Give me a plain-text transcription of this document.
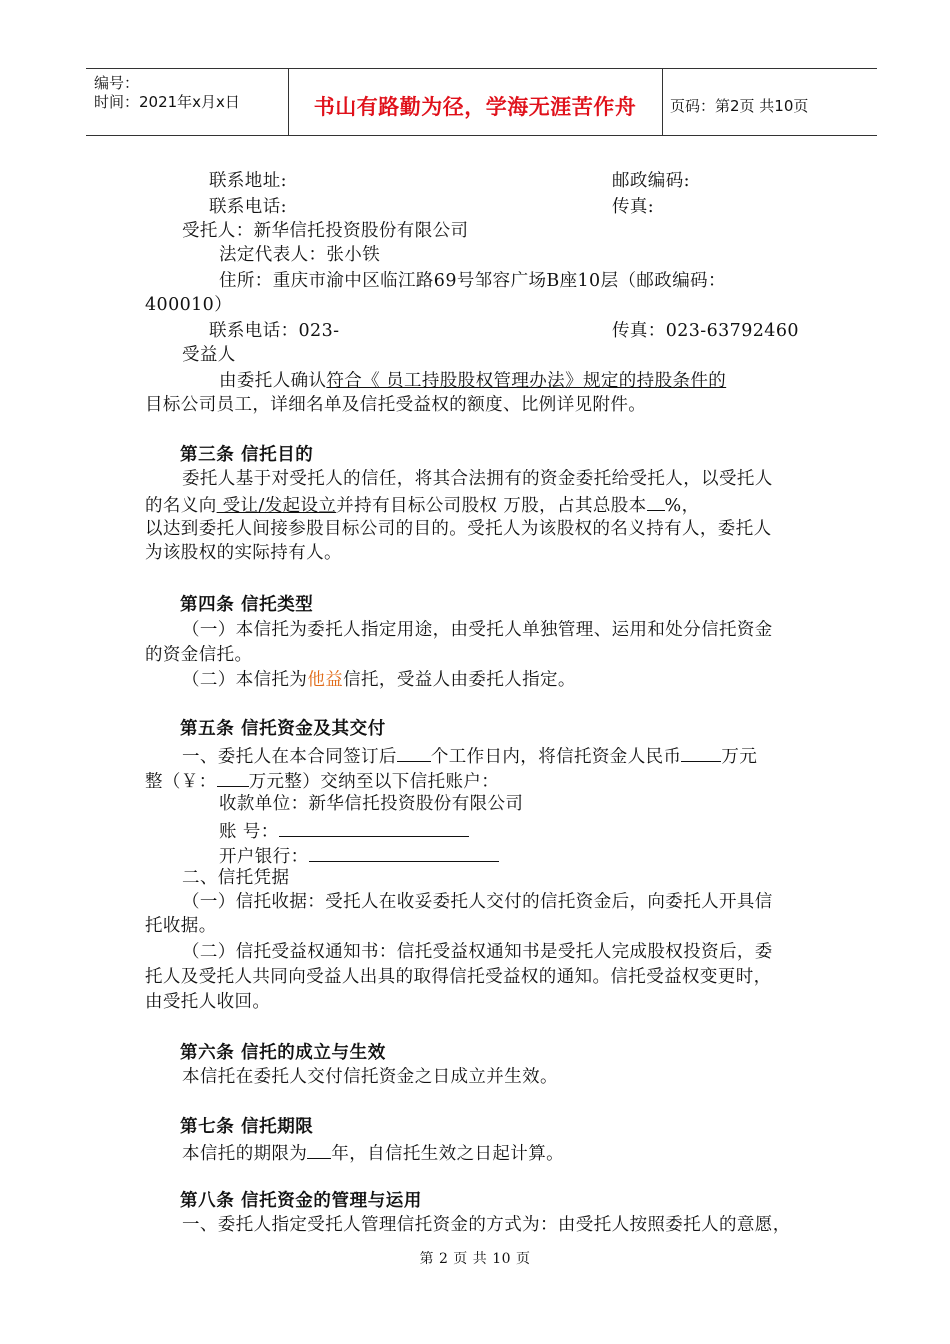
编号：
时间：2021年x月x日	书山有路勤为径，学海无涯苦作舟	页码：第2页 共10页
联系地址:	邮政编码:
联系电话:	传真:
受托人：新华信托投资股份有限公司
法定代表人：张小铁
住所：重庆市渝中区临江路69号邹容广场B座10层（邮政编码：
400010）
联系电话：023-	传真：023-63792460
受益人
由委托人确认符合《 员工持股股权管理办法》规定的持股条件的
目标公司员工，详细名单及信托受益权的额度、比例详见附件。
第三条 信托目的
委托人基于对受托人的信任，将其合法拥有的资金委托给受托人，以受托人
的名义向 受让/发起设立并持有目标公司股权 万股，占其总股本 %，
以达到委托人间接参股目标公司的目的。受托人为该股权的名义持有人，委托人
为该股权的实际持有人。
第四条 信托类型
（一）本信托为委托人指定用途，由受托人单独管理、运用和处分信托资金
的资金信托。
（二）本信托为他益信托，受益人由委托人指定。
第五条 信托资金及其交付
一、委托人在本合同签订后 个工作日内，将信托资金人民币 万元
整（￥： 万元整）交纳至以下信托账户：
收款单位：新华信托投资股份有限公司
账 号：
开户银行：
二、信托凭据
（一）信托收据：受托人在收妥委托人交付的信托资金后，向委托人开具信
托收据。
（二）信托受益权通知书：信托受益权通知书是受托人完成股权投资后，委
托人及受托人共同向受益人出具的取得信托受益权的通知。信托受益权变更时，
由受托人收回。
第六条 信托的成立与生效
本信托在委托人交付信托资金之日成立并生效。
第七条 信托期限
本信托的期限为 年，自信托生效之日起计算。
第八条 信托资金的管理与运用
一、委托人指定受托人管理信托资金的方式为：由受托人按照委托人的意愿，
第 2 页 共 10 页
